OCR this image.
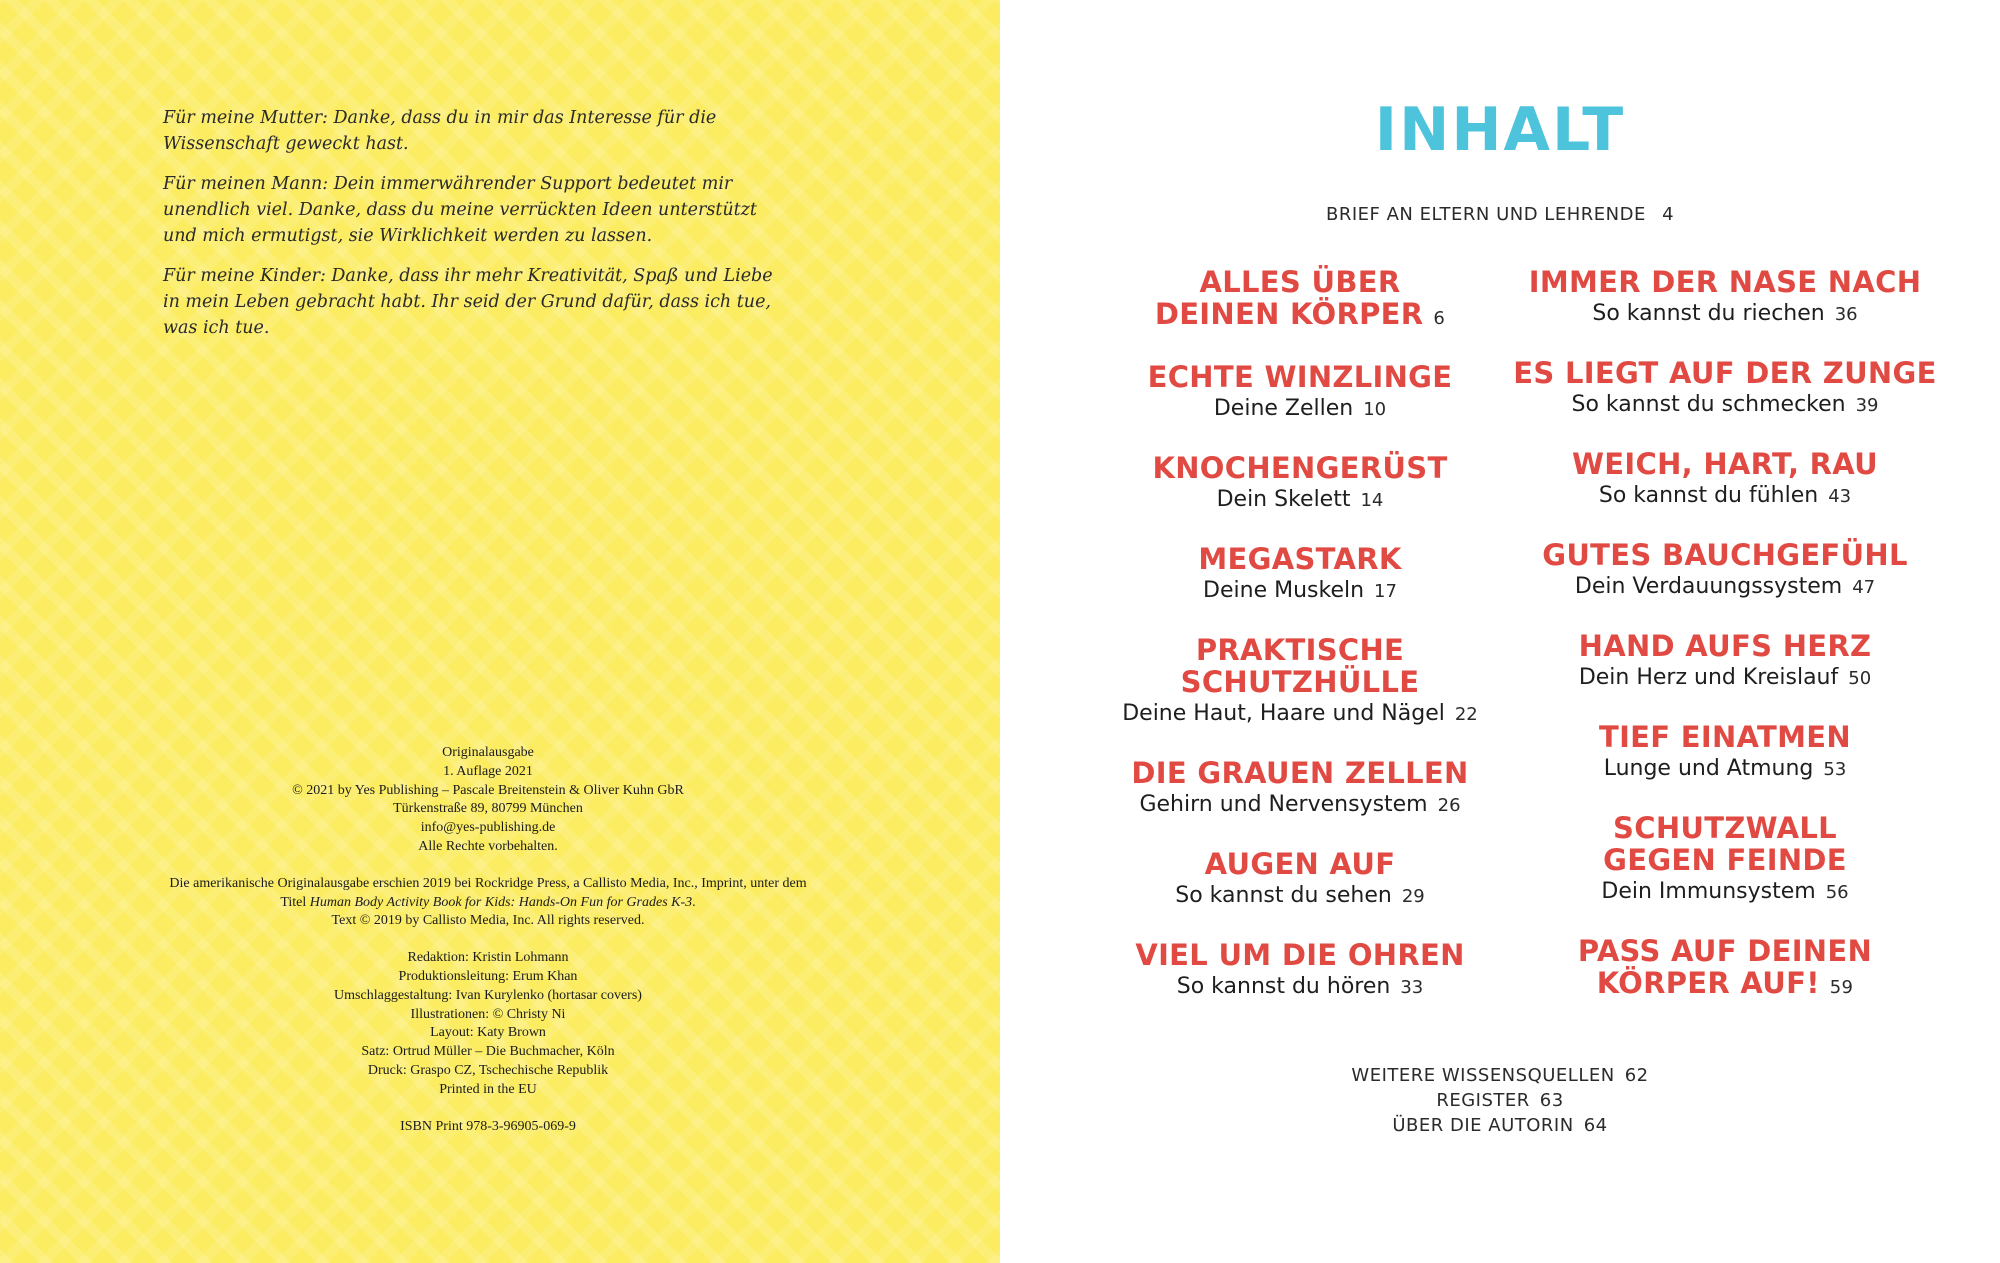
Für meine Mutter: Danke, dass du in mir das Interesse für die Wissenschaft geweckt hast.

Für meinen Mann: Dein immerwährender Support bedeutet mir unendlich viel. Danke, dass du meine verrückten Ideen unterstützt und mich ermutigst, sie Wirklichkeit werden zu lassen.

Für meine Kinder: Danke, dass ihr mehr Kreativität, Spaß und Liebe in mein Leben gebracht habt. Ihr seid der Grund dafür, dass ich tue, was ich tue.

Originalausgabe
1. Auflage 2021
© 2021 by Yes Publishing – Pascale Breitenstein & Oliver Kuhn GbR
Türkenstraße 89, 80799 München
info@yes-publishing.de
Alle Rechte vorbehalten.
Die amerikanische Originalausgabe erschien 2019 bei Rockridge Press, a Callisto Media, Inc., Imprint, unter dem Titel Human Body Activity Book for Kids: Hands-On Fun for Grades K-3.
Text © 2019 by Callisto Media, Inc. All rights reserved.
Redaktion: Kristin Lohmann
Produktionsleitung: Erum Khan
Umschlaggestaltung: Ivan Kurylenko (hortasar covers)
Illustrationen: © Christy Ni
Layout: Katy Brown
Satz: Ortrud Müller – Die Buchmacher, Köln
Druck: Graspo CZ, Tschechische Republik
Printed in the EU
ISBN Print 978-3-96905-069-9
INHALT
BRIEF AN ELTERN UND LEHRENDE 4
ALLES ÜBER
DEINEN KÖRPER 6
ECHTE WINZLINGE
Deine Zellen 10
KNOCHENGERÜST
Dein Skelett 14
MEGASTARK
Deine Muskeln 17
PRAKTISCHE
SCHUTZHÜLLE
Deine Haut, Haare und Nägel 22
DIE GRAUEN ZELLEN
Gehirn und Nervensystem 26
AUGEN AUF
So kannst du sehen 29
VIEL UM DIE OHREN
So kannst du hören 33
IMMER DER NASE NACH
So kannst du riechen 36
ES LIEGT AUF DER ZUNGE
So kannst du schmecken 39
WEICH, HART, RAU
So kannst du fühlen 43
GUTES BAUCHGEFÜHL
Dein Verdauungssystem 47
HAND AUFS HERZ
Dein Herz und Kreislauf 50
TIEF EINATMEN
Lunge und Atmung 53
SCHUTZWALL
GEGEN FEINDE
Dein Immunsystem 56
PASS AUF DEINEN
KÖRPER AUF! 59
WEITERE WISSENSQUELLEN 62
REGISTER 63
ÜBER DIE AUTORIN 64
